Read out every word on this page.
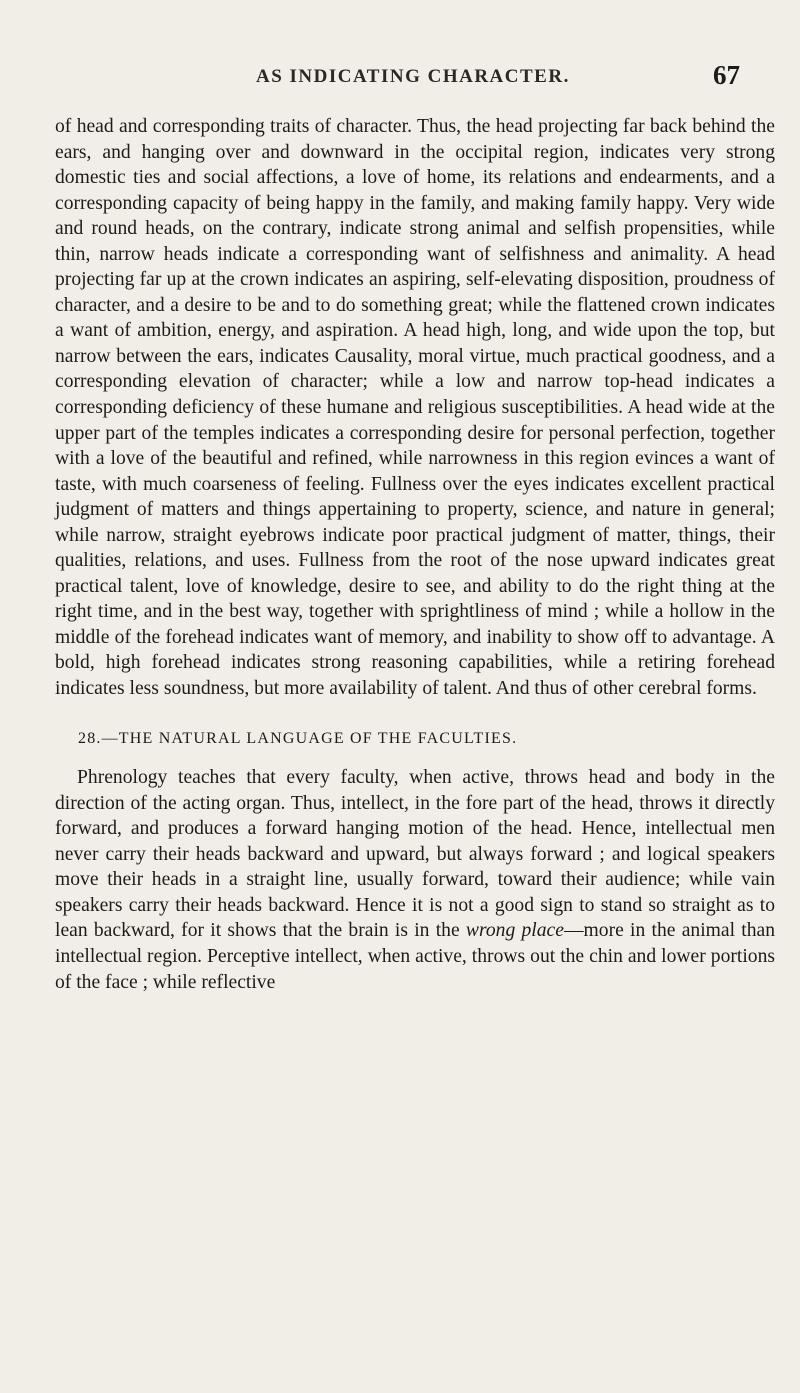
AS INDICATING CHARACTER.	67

of head and corresponding traits of character. Thus, the head projecting far back behind the ears, and hanging over and downward in the occipital region, indicates very strong domestic ties and social affections, a love of home, its relations and endearments, and a corresponding capacity of being happy in the family, and making family happy. Very wide and round heads, on the contrary, indicate strong animal and selfish propensities, while thin, narrow heads indicate a corresponding want of selfishness and animality. A head projecting far up at the crown indicates an aspiring, self-elevating disposition, proudness of character, and a desire to be and to do something great; while the flattened crown indicates a want of ambition, energy, and aspiration. A head high, long, and wide upon the top, but narrow between the ears, indicates Causality, moral virtue, much practical goodness, and a corresponding elevation of character; while a low and narrow top-head indicates a corresponding deficiency of these humane and religious susceptibilities. A head wide at the upper part of the temples indicates a corresponding desire for personal perfection, together with a love of the beautiful and refined, while narrowness in this region evinces a want of taste, with much coarseness of feeling. Fullness over the eyes indicates excellent practical judgment of matters and things appertaining to property, science, and nature in general; while narrow, straight eyebrows indicate poor practical judgment of matter, things, their qualities, relations, and uses. Fullness from the root of the nose upward indicates great practical talent, love of knowledge, desire to see, and ability to do the right thing at the right time, and in the best way, together with sprightliness of mind ; while a hollow in the middle of the forehead indicates want of memory, and inability to show off to advantage. A bold, high forehead indicates strong reasoning capabilities, while a retiring forehead indicates less soundness, but more availability of talent. And thus of other cerebral forms.

28.—THE NATURAL LANGUAGE OF THE FACULTIES.

Phrenology teaches that every faculty, when active, throws head and body in the direction of the acting organ. Thus, intellect, in the fore part of the head, throws it directly forward, and produces a forward hanging motion of the head. Hence, intellectual men never carry their heads backward and upward, but always forward ; and logical speakers move their heads in a straight line, usually forward, toward their audience; while vain speakers carry their heads backward. Hence it is not a good sign to stand so straight as to lean backward, for it shows that the brain is in the wrong place—more in the animal than intellectual region. Perceptive intellect, when active, throws out the chin and lower portions of the face ; while reflective
